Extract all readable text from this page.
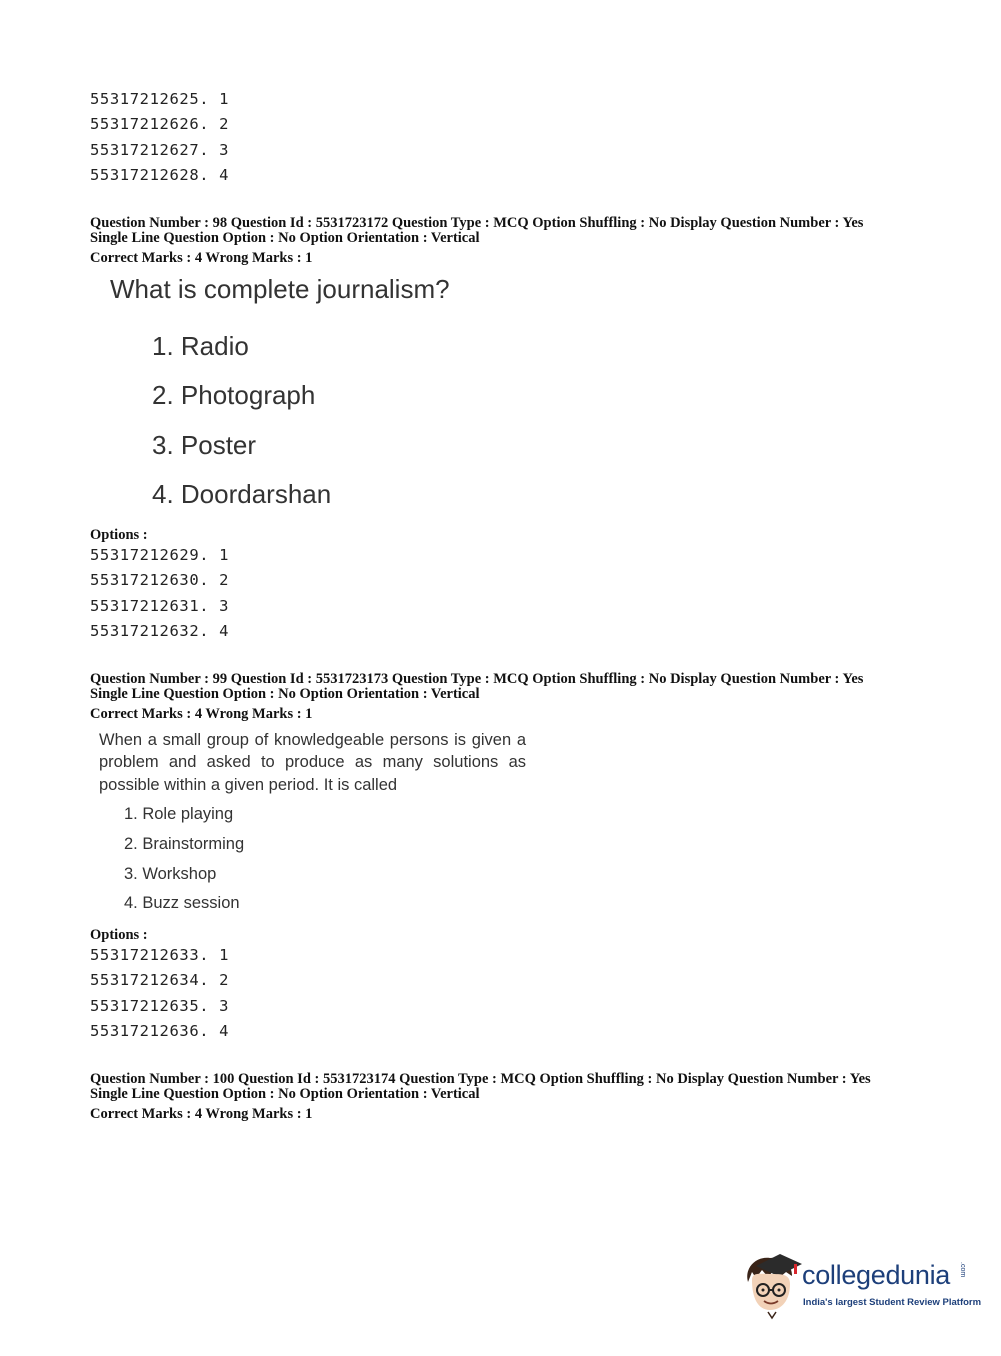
55317212625. 1
55317212626. 2
55317212627. 3
55317212628. 4
Question Number : 98 Question Id : 5531723172 Question Type : MCQ Option Shuffling : No Display Question Number : Yes
Single Line Question Option : No Option Orientation : Vertical
Correct Marks : 4 Wrong Marks : 1
What is complete journalism?
1. Radio
2. Photograph
3. Poster
4. Doordarshan
Options :
55317212629. 1
55317212630. 2
55317212631. 3
55317212632. 4
Question Number : 99 Question Id : 5531723173 Question Type : MCQ Option Shuffling : No Display Question Number : Yes
Single Line Question Option : No Option Orientation : Vertical
Correct Marks : 4 Wrong Marks : 1
When a small group of knowledgeable persons is given a
problem and asked to produce as many solutions as
possible within a given period. It is called
1. Role playing
2. Brainstorming
3. Workshop
4. Buzz session
Options :
55317212633. 1
55317212634. 2
55317212635. 3
55317212636. 4
Question Number : 100 Question Id : 5531723174 Question Type : MCQ Option Shuffling : No Display Question Number : Yes
Single Line Question Option : No Option Orientation : Vertical
Correct Marks : 4 Wrong Marks : 1
collegedunia .com
India's largest Student Review Platform
